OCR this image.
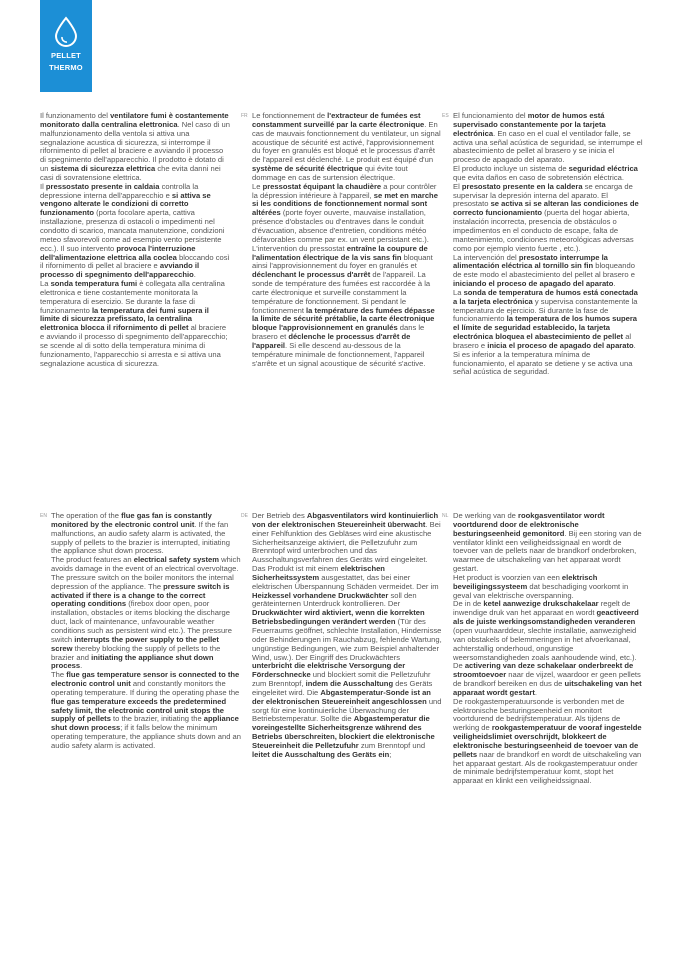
PELLET
THERMO

Il funzionamento del ventilatore fumi è costantemente monitorato dalla centralina elettronica. Nel caso di un malfunzionamento della ventola si attiva una segnalazione acustica di sicurezza, si interrompe il rifornimento di pellet al braciere e avviando il processo di spegnimento dell'apparecchio. Il prodotto è dotato di un sistema di sicurezza elettrica che evita danni nei casi di sovratensione elettrica.

Il pressostato presente in caldaia controlla la depressione interna dell'apparecchio e si attiva se vengono alterate le condizioni di corretto funzionamento (porta focolare aperta, cattiva installazione, presenza di ostacoli o impedimenti nel condotto di scarico, mancata manutenzione, condizioni meteo sfavorevoli come ad esempio vento persistente ecc.). Il suo intervento provoca l'interruzione dell'alimentazione elettrica alla coclea bloccando così il rifornimento di pellet al braciere e avviando il processo di spegnimento dell'apparecchio.

La sonda temperatura fumi è collegata alla centralina elettronica e tiene costantemente monitorata la temperatura di esercizio. Se durante la fase di funzionamento la temperatura dei fumi supera il limite di sicurezza prefissato, la centralina elettronica blocca il rifornimento di pellet al braciere e avviando il processo di spegnimento dell'apparecchio; se scende al di sotto della temperatura minima di funzionamento, l'apparecchio si arresta e si attiva una segnalazione acustica di sicurezza.

FR Le fonctionnement de l'extracteur de fumées est constamment surveillé par la carte électronique. En cas de mauvais fonctionnement du ventilateur, un signal acoustique de sécurité est activé, l'approvisionnement du foyer en granulés est bloqué et le processus d'arrêt de l'appareil est déclenché. Le produit est équipé d'un système de sécurité électrique qui évite tout dommage en cas de surtension électrique.

Le pressostat équipant la chaudière a pour contrôler la dépression intérieure à l'appareil, se met en marche si les conditions de fonctionnement normal sont altérées (porte foyer ouverte, mauvaise installation, présence d'obstacles ou d'entraves dans le conduit d'évacuation, absence d'entretien, conditions météo défavorables comme par ex. un vent persistant etc.). L'intervention du pressostat entraîne la coupure de l'alimentation électrique de la vis sans fin bloquant ainsi l'approvisionnement du foyer en granulés et déclenchant le processus d'arrêt de l'appareil. La sonde de température des fumées est raccordée à la carte électronique et surveille constamment la température de fonctionnement. Si pendant le fonctionnement la température des fumées dépasse la limite de sécurité prétablie, la carte électronique bloque l'approvisionnement en granulés dans le brasero et déclenche le processus d'arrêt de l'appareil. Si elle descend au-dessous de la température minimale de fonctionnement, l'appareil s'arrête et un signal acoustique de sécurité s'active.

ES El funcionamiento del motor de humos está supervisado constantemente por la tarjeta electrónica. En caso en el cual el ventilador falle, se activa una señal acústica de seguridad, se interrumpe el abastecimiento de pellet al brasero y se inicia el proceso de apagado del aparato.

El producto incluye un sistema de seguridad eléctrica que evita daños en caso de sobretensión eléctrica.

El presostato presente en la caldera se encarga de supervisar la depresión interna del aparato. El presostato se activa si se alteran las condiciones de correcto funcionamiento (puerta del hogar abierta, instalación incorrecta, presencia de obstáculos o impedimentos en el conducto de escape, falta de mantenimiento, condiciones meteorológicas adversas como por ejemplo viento fuerte , etc.).

La intervención del presostato interrumpe la alimentación eléctrica al tornillo sin fin bloqueando de este modo el abastecimiento del pellet al brasero e iniciando el proceso de apagado del aparato.

La sonda de temperatura de humos está conectada a la tarjeta electrónica y supervisa constantemente la temperatura de ejercicio. Si durante la fase de funcionamiento la temperatura de los humos supera el límite de seguridad establecido, la tarjeta electrónica bloquea el abastecimiento de pellet al brasero e inicia el proceso de apagado del aparato. Si es inferior a la temperatura mínima de funcionamiento, el aparato se detiene y se activa una señal acústica de seguridad.

EN The operation of the flue gas fan is constantly monitored by the electronic control unit. If the fan malfunctions, an audio safety alarm is activated, the supply of pellets to the brazier is interrupted, initiating the appliance shut down process.

The product features an electrical safety system which avoids damage in the event of an electrical overvoltage.

The pressure switch on the boiler monitors the internal depression of the appliance. The pressure switch is activated if there is a change to the correct operating conditions (firebox door open, poor installation, obstacles or items blocking the discharge duct, lack of maintenance, unfavourable weather conditions such as persistent wind etc.). The pressure switch interrupts the power supply to the pellet screw thereby blocking the supply of pellets to the brazier and initiating the appliance shut down process.

The flue gas temperature sensor is connected to the electronic control unit and constantly monitors the operating temperature. If during the operating phase the flue gas temperature exceeds the predetermined safety limit, the electronic control unit stops the supply of pellets to the brazier, initiating the appliance shut down process; if it falls below the minimum operating temperature, the appliance shuts down and an audio safety alarm is activated.

DE Der Betrieb des Abgasventilators wird kontinuierlich von der elektronischen Steuereinheit überwacht. Bei einer Fehlfunktion des Gebläses wird eine akustische Sicherheitsanzeige aktiviert, die Pelletzufuhr zum Brenntopf wird unterbrochen und das Ausschaltungsverfahren des Geräts wird eingeleitet. Das Produkt ist mit einem elektrischen Sicherheitssystem ausgestattet, das bei einer elektrischen Überspannung Schäden vermeidet. Der im Heizkessel vorhandene Druckwächter soll den geräteinternen Unterdruck kontrollieren. Der Druckwächter wird aktiviert, wenn die korrekten Betriebsbedingungen verändert werden (Tür des Feuerraums geöffnet, schlechte Installation, Hindernisse oder Behinderungen im Rauchabzug, fehlende Wartung, ungünstige Bedingungen, wie zum Beispiel anhaltender Wind, usw.). Der Eingriff des Druckwächters unterbricht die elektrische Versorgung der Förderschnecke und blockiert somit die Pelletzufuhr zum Brenntopf, indem die Ausschaltung des Geräts eingeleitet wird. Die Abgastemperatur-Sonde ist an der elektronischen Steuereinheit angeschlossen und sorgt für eine kontinuierliche Überwachung der Betriebstemperatur. Sollte die Abgastemperatur die voreingestellte Sicherheitsgrenze während des Betriebs überschreiten, blockiert die elektronische Steuereinheit die Pelletzufuhr zum Brenntopf und leitet die Ausschaltung des Geräts ein;

NL De werking van de rookgasventilator wordt voortdurend door de elektronische besturingseenheid gemonitord. Bij een storing van de ventilator klinkt een veiligheidssignaal en wordt de toevoer van de pellets naar de brandkorf onderbroken, waarmee de uitschakeling van het apparaat wordt gestart.

Het product is voorzien van een elektrisch beveiligingssysteem dat beschadiging voorkomt in geval van elektrische overspanning.

De in de ketel aanwezige drukschakelaar regelt de inwendige druk van het apparaat en wordt geactiveerd als de juiste werkingsomstandigheden veranderen (open vuurhaarddeur, slechte installatie, aanwezigheid van obstakels of belemmeringen in het afvoerkanaal, achterstallig onderhoud, ongunstige weersomstandigheden zoals aanhoudende wind, etc.). De activering van deze schakelaar onderbreekt de stroomtoevoer naar de vijzel, waardoor er geen pellets de brandkorf bereiken en dus de uitschakeling van het apparaat wordt gestart.

De rookgastemperatuursonde is verbonden met de elektronische besturingseenheid en monitort voortdurend de bedrijfstemperatuur. Als tijdens de werking de rookgastemperatuur de vooraf ingestelde veiligheidslimiet overschrijdt, blokkeert de elektronische besturingseenheid de toevoer van de pellets naar de brandkorf en wordt de uitschakeling van het apparaat gestart. Als de rookgastemperatuur onder de minimale bedrijfstemperatuur komt, stopt het apparaat en klinkt een veiligheidssignaal.
